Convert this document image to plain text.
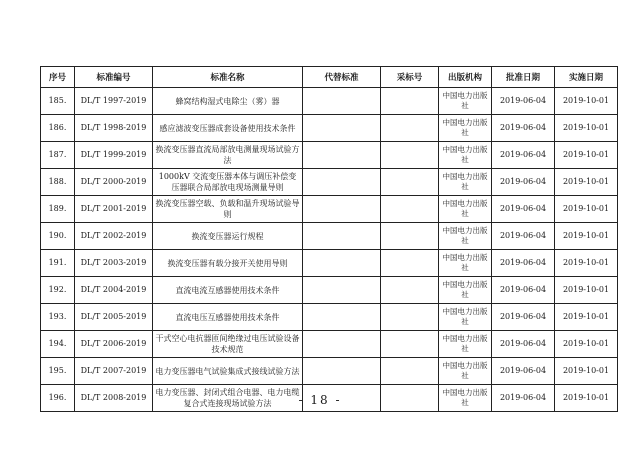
序号	标准编号	标准名称	代替标准	采标号	出版机构	批准日期	实施日期
185.	DL/T 1997-2019	蜂窝结构湿式电除尘（雾）器			中国电力出版社	2019-06-04	2019-10-01
186.	DL/T 1998-2019	感应滤波变压器成套设备使用技术条件			中国电力出版社	2019-06-04	2019-10-01
187.	DL/T 1999-2019	换流变压器直流局部放电测量现场试验方法			中国电力出版社	2019-06-04	2019-10-01
188.	DL/T 2000-2019	1000kV 交流变压器本体与调压补偿变压器联合局部放电现场测量导则			中国电力出版社	2019-06-04	2019-10-01
189.	DL/T 2001-2019	换流变压器空载、负载和温升现场试验导则			中国电力出版社	2019-06-04	2019-10-01
190.	DL/T 2002-2019	换流变压器运行规程			中国电力出版社	2019-06-04	2019-10-01
191.	DL/T 2003-2019	换流变压器有载分接开关使用导则			中国电力出版社	2019-06-04	2019-10-01
192.	DL/T 2004-2019	直流电流互感器使用技术条件			中国电力出版社	2019-06-04	2019-10-01
193.	DL/T 2005-2019	直流电压互感器使用技术条件			中国电力出版社	2019-06-04	2019-10-01
194.	DL/T 2006-2019	干式空心电抗器匝间绝缘过电压试验设备技术规范			中国电力出版社	2019-06-04	2019-10-01
195.	DL/T 2007-2019	电力变压器电气试验集成式接线试验方法			中国电力出版社	2019-06-04	2019-10-01
196.	DL/T 2008-2019	电力变压器、封闭式组合电器、电力电缆复合式连接现场试验方法			中国电力出版社	2019-06-04	2019-10-01
- 18 -
